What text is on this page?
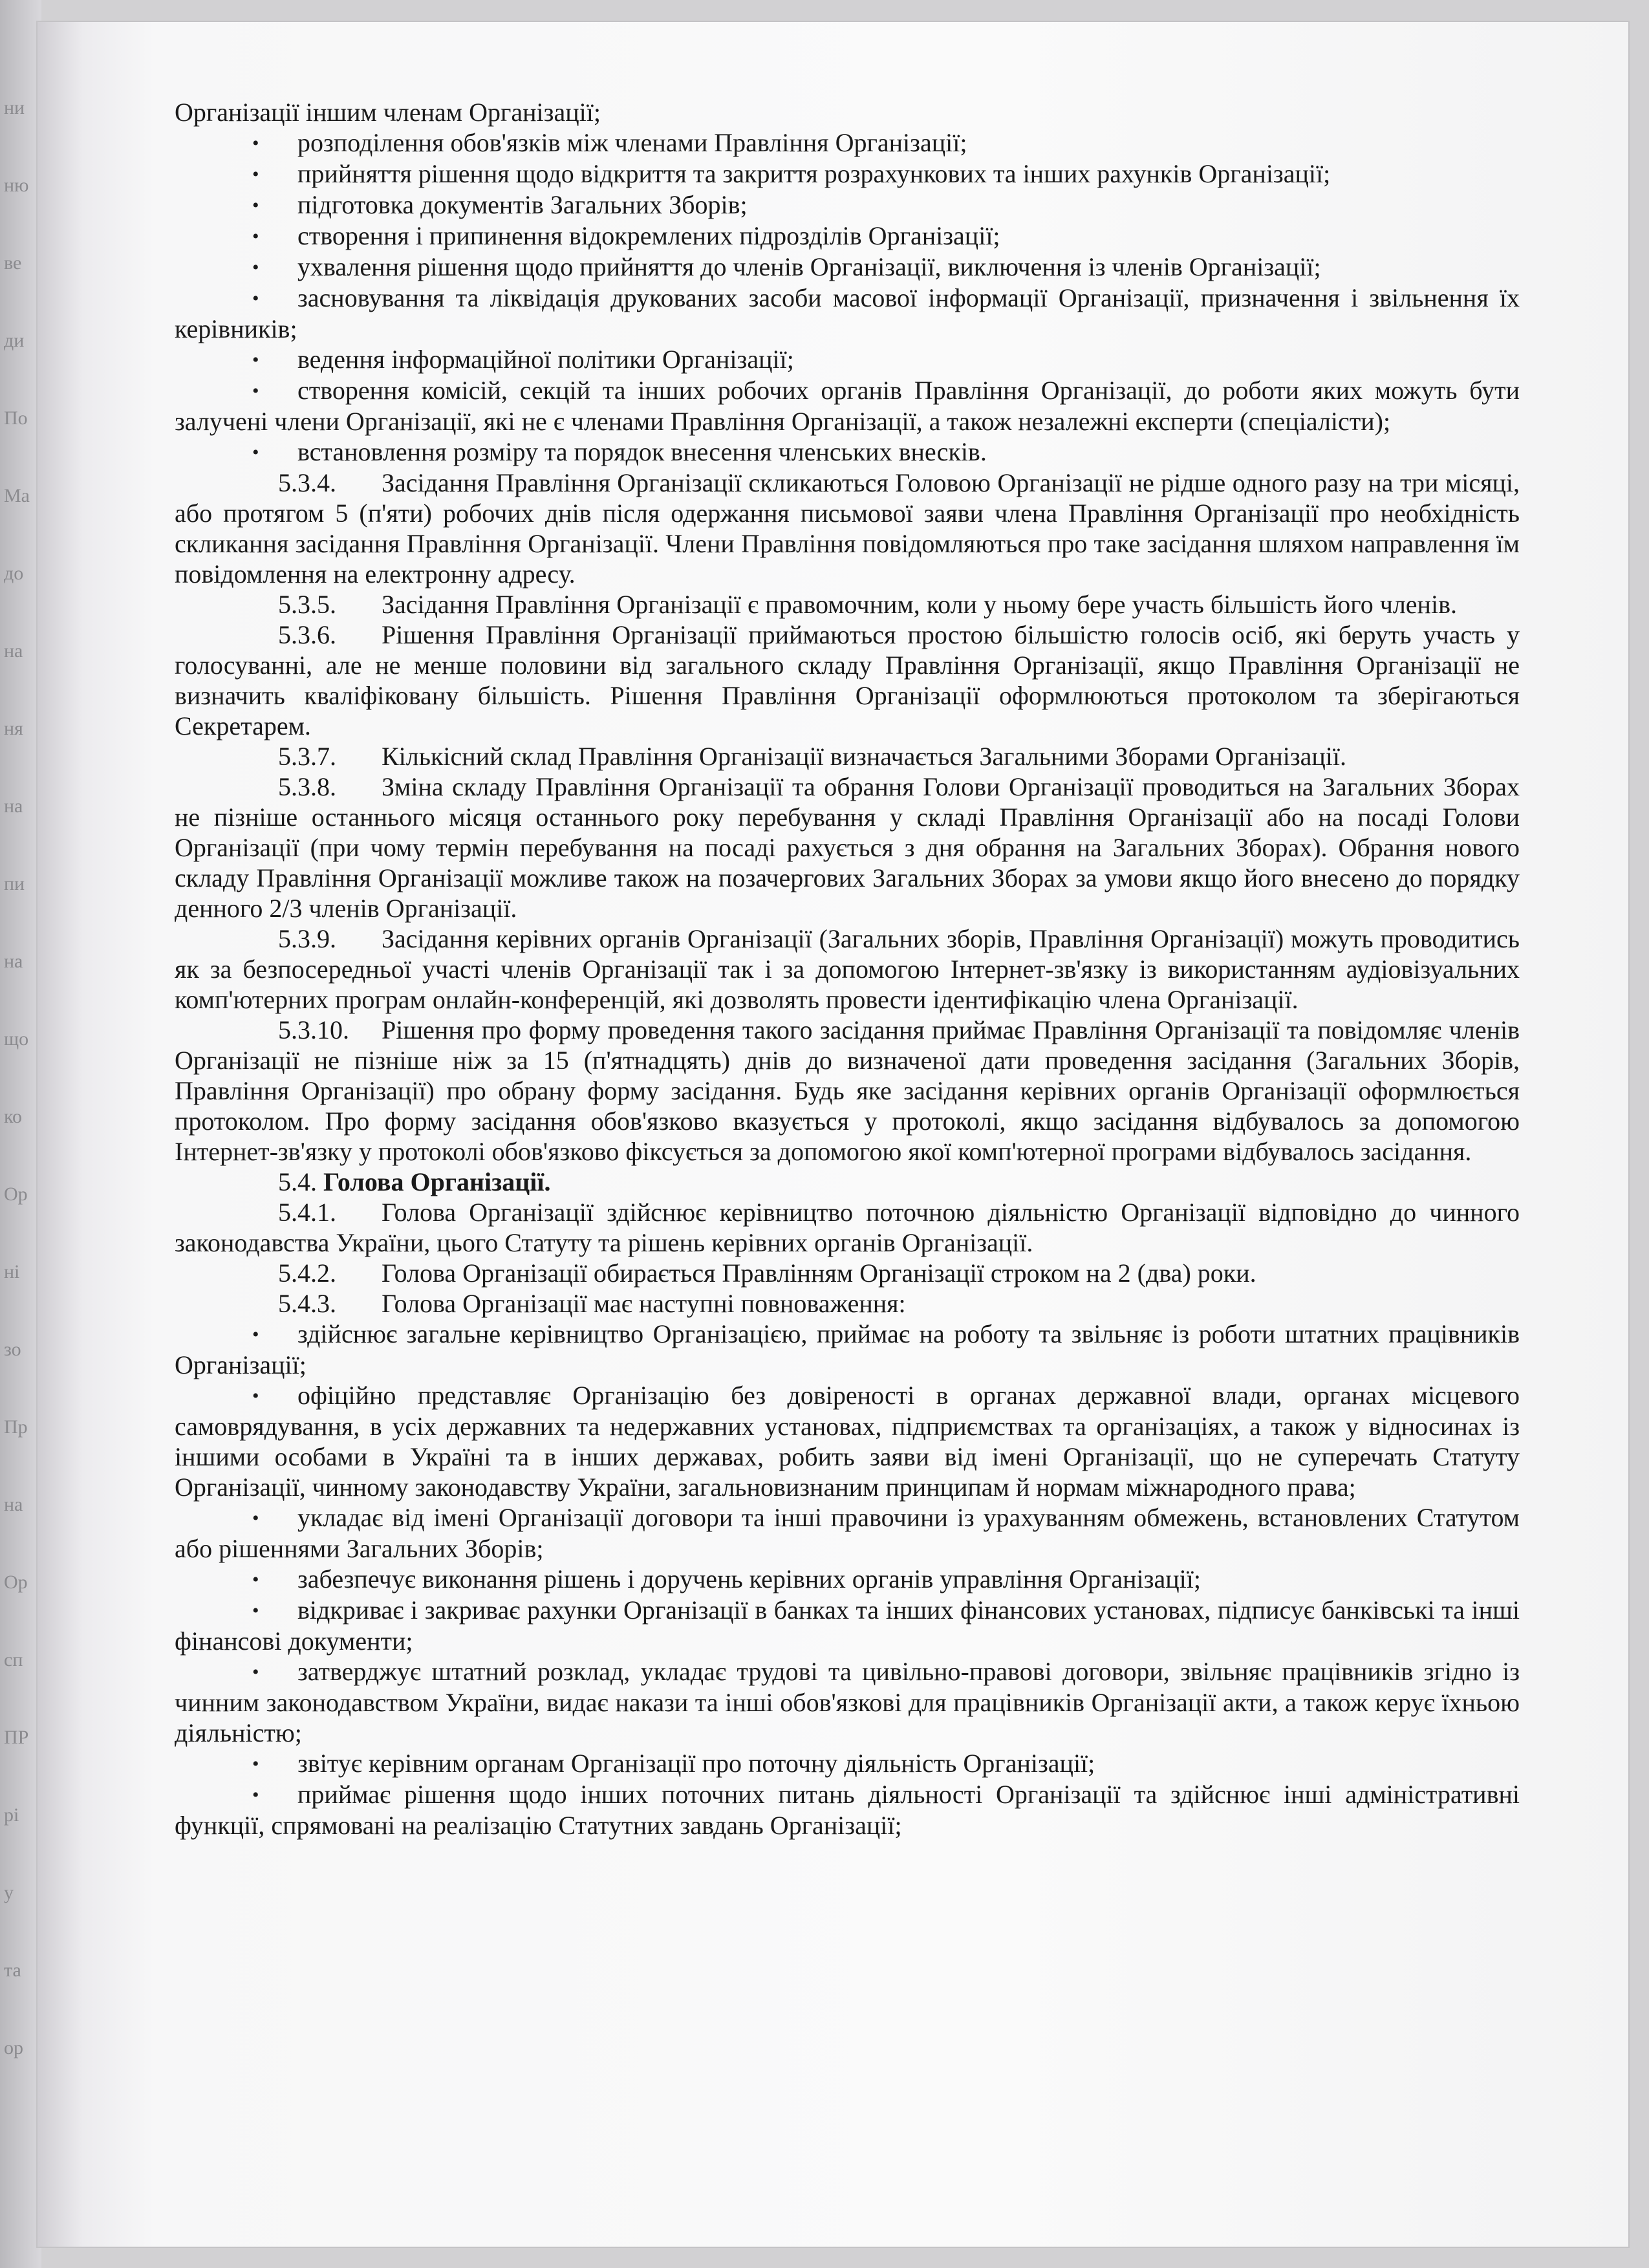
ни
ню
ве
ди
По
Ма
до
на
ня
на
пи
на
що
ко
Ор
ні
зо
Пр
на
Ор
сп
ПР
рі
у
та
ор

Організації іншим членам Організації;

• розподілення обов'язків між членами Правління Організації;

• прийняття рішення щодо відкриття та закриття розрахункових та інших рахунків Організації;

• підготовка документів Загальних Зборів;

• створення і припинення відокремлених підрозділів Організації;

• ухвалення рішення щодо прийняття до членів Організації, виключення із членів Організації;

• засновування та ліквідація друкованих засоби масової інформації Організації, призначення і звільнення їх керівників;

• ведення інформаційної політики Організації;

• створення комісій, секцій та інших робочих органів Правління Організації, до роботи яких можуть бути залучені члени Організації, які не є членами Правління Організації, а також незалежні експерти (спеціалісти);

• встановлення розміру та порядок внесення членських внесків.

5.3.4. Засідання Правління Організації скликаються Головою Організації не рідше одного разу на три місяці, або протягом 5 (п'яти) робочих днів після одержання письмової заяви члена Правління Організації про необхідність скликання засідання Правління Організації. Члени Правління повідомляються про таке засідання шляхом направлення їм повідомлення на електронну адресу.

5.3.5. Засідання Правління Організації є правомочним, коли у ньому бере участь більшість його членів.

5.3.6. Рішення Правління Організації приймаються простою більшістю голосів осіб, які беруть участь у голосуванні, але не менше половини від загального складу Правління Організації, якщо Правління Організації не визначить кваліфіковану більшість. Рішення Правління Організації оформлюються протоколом та зберігаються Секретарем.

5.3.7. Кількісний склад Правління Організації визначається Загальними Зборами Організації.

5.3.8. Зміна складу Правління Організації та обрання Голови Організації проводиться на Загальних Зборах не пізніше останнього місяця останнього року перебування у складі Правління Організації або на посаді Голови Організації (при чому термін перебування на посаді рахується з дня обрання на Загальних Зборах). Обрання нового складу Правління Організації можливе також на позачергових Загальних Зборах за умови якщо його внесено до порядку денного 2/3 членів Організації.

5.3.9. Засідання керівних органів Організації (Загальних зборів, Правління Організації) можуть проводитись як за безпосередньої участі членів Організації так і за допомогою Інтернет-зв'язку із використанням аудіовізуальних комп'ютерних програм онлайн-конференцій, які дозволять провести ідентифікацію члена Організації.

5.3.10. Рішення про форму проведення такого засідання приймає Правління Організації та повідомляє членів Організації не пізніше ніж за 15 (п'ятнадцять) днів до визначеної дати проведення засідання (Загальних Зборів, Правління Організації) про обрану форму засідання. Будь яке засідання керівних органів Організації оформлюється протоколом. Про форму засідання обов'язково вказується у протоколі, якщо засідання відбувалось за допомогою Інтернет-зв'язку у протоколі обов'язково фіксується за допомогою якої комп'ютерної програми відбувалось засідання.

5.4. Голова Організації.

5.4.1. Голова Організації здійснює керівництво поточною діяльністю Організації відповідно до чинного законодавства України, цього Статуту та рішень керівних органів Організації.

5.4.2. Голова Організації обирається Правлінням Організації строком на 2 (два) роки.

5.4.3. Голова Організації має наступні повноваження:

• здійснює загальне керівництво Організацією, приймає на роботу та звільняє із роботи штатних працівників Організації;

• офіційно представляє Організацію без довіреності в органах державної влади, органах місцевого самоврядування, в усіх державних та недержавних установах, підприємствах та організаціях, а також у відносинах із іншими особами в Україні та в інших державах, робить заяви від імені Організації, що не суперечать Статуту Організації, чинному законодавству України, загальновизнаним принципам й нормам міжнародного права;

• укладає від імені Організації договори та інші правочини із урахуванням обмежень, встановлених Статутом або рішеннями Загальних Зборів;

• забезпечує виконання рішень і доручень керівних органів управління Організації;

• відкриває і закриває рахунки Організації в банках та інших фінансових установах, підписує банківські та інші фінансові документи;

• затверджує штатний розклад, укладає трудові та цивільно-правові договори, звільняє працівників згідно із чинним законодавством України, видає накази та інші обов'язкові для працівників Організації акти, а також керує їхньою діяльністю;

• звітує керівним органам Організації про поточну діяльність Організації;

• приймає рішення щодо інших поточних питань діяльності Організації та здійснює інші адміністративні функції, спрямовані на реалізацію Статутних завдань Організації;
